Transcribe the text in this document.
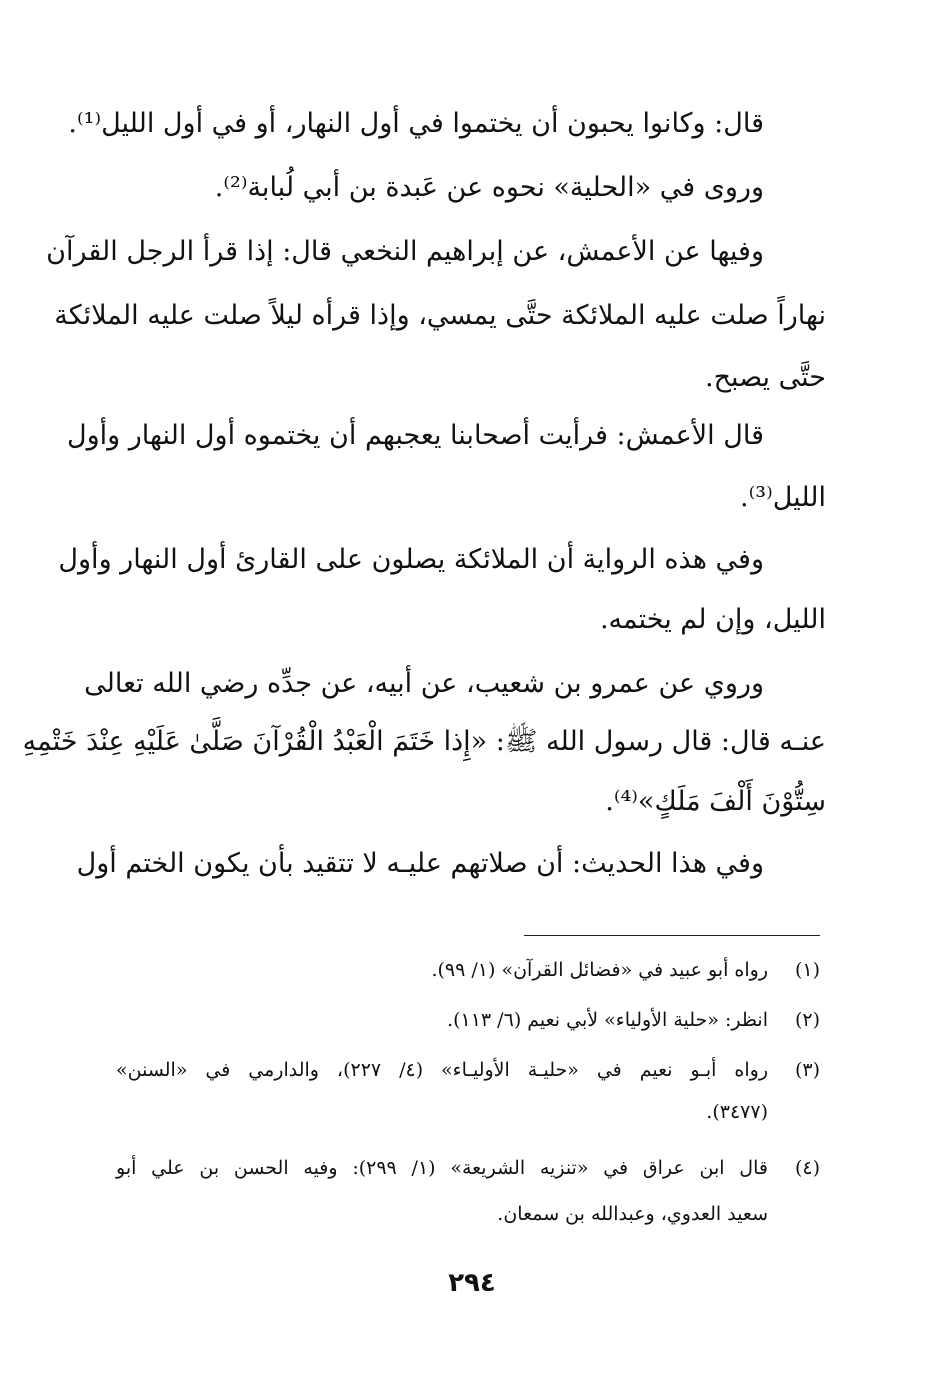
قال: وكانوا يحبون أن يختموا في أول النهار، أو في أول الليل⁽¹⁾.
وروى في «الحلية» نحوه عن عَبدة بن أبي لُبابة⁽²⁾.
وفيها عن الأعمش، عن إبراهيم النخعي قال: إذا قرأ الرجل القرآن
نهاراً صلت عليه الملائكة حتَّى يمسي، وإذا قرأه ليلاً صلت عليه الملائكة
حتَّى يصبح.
قال الأعمش: فرأيت أصحابنا يعجبهم أن يختموه أول النهار وأول
الليل⁽³⁾.
وفي هذه الرواية أن الملائكة يصلون على القارئ أول النهار وأول
الليل، وإن لم يختمه.
وروي عن عمرو بن شعيب، عن أبيه، عن جدِّه رضي الله تعالى
عنـه قال: قال رسول الله ﷺ: «إِذا خَتَمَ الْعَبْدُ الْقُرْآنَ صَلَّىٰ عَلَيْهِ عِنْدَ خَتْمِهِ
سِتُّوْنَ أَلْفَ مَلَكٍ»⁽⁴⁾.
وفي هذا الحديث: أن صلاتهم عليـه لا تتقيد بأن يكون الختم أول
(١)
رواه أبو عبيد في «فضائل القرآن» (١/ ٩٩).
(٢)
انظر: «حلية الأولياء» لأبي نعيم (٦/ ١١٣).
(٣)
رواه أبـو نعيم في «حليـة الأوليـاء» (٤/ ٢٢٧)، والدارمي في «السنن»
(٣٤٧٧).
(٤)
قال ابن عراق في «تنزيه الشريعة» (١/ ٢٩٩): وفيه الحسن بن علي أبو
سعيد العدوي، وعبدالله بن سمعان.
٢٩٤
